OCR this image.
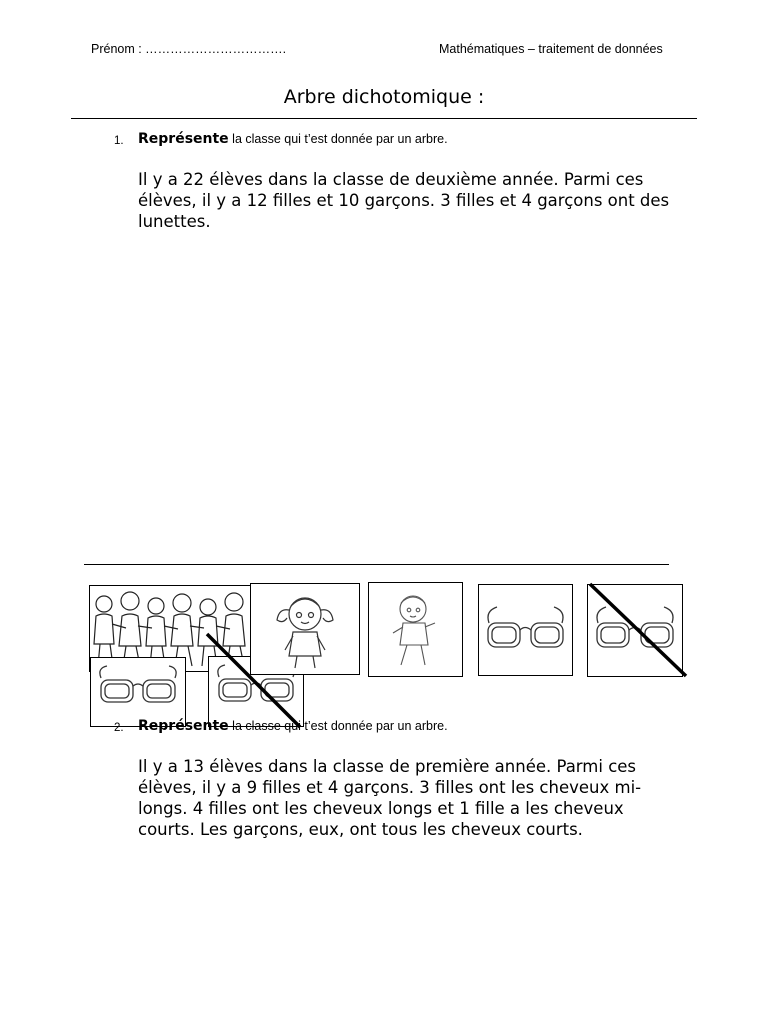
Prénom : …………………………….	Mathématiques – traitement de données
Arbre dichotomique :
1. Représente la classe qui t’est donnée par un arbre.
Il y a 22 élèves dans la classe de deuxième année. Parmi ces élèves, il y a 12 filles et 10 garçons. 3 filles et 4 garçons ont des lunettes.
2. Représente la classe qui t’est donnée par un arbre.
Il y a 13 élèves dans la classe de première année. Parmi ces élèves, il y a 9 filles et 4 garçons. 3 filles ont les cheveux mi-longs. 4 filles ont les cheveux longs et 1 fille a les cheveux courts. Les garçons, eux, ont tous les cheveux courts.
